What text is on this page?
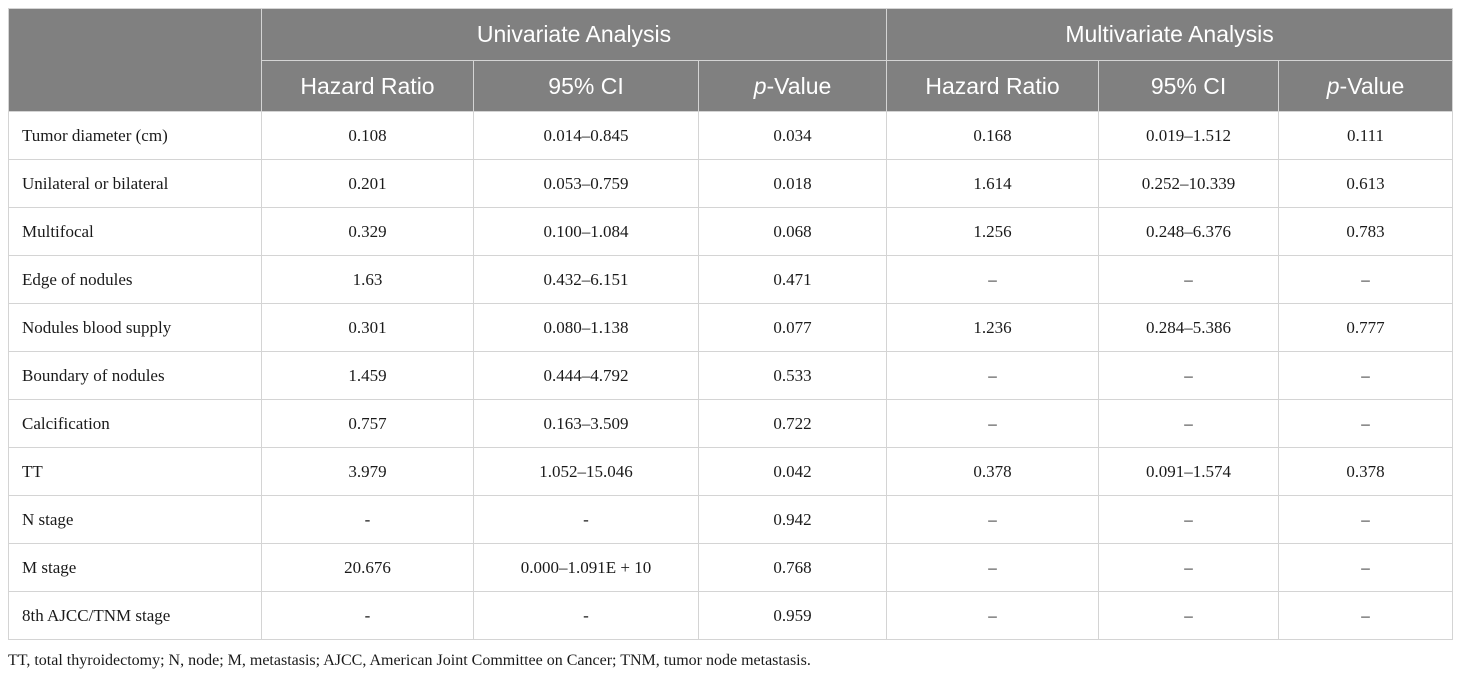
	Univariate Analysis			Multivariate Analysis		
	Hazard Ratio	95% CI	p-Value	Hazard Ratio	95% CI	p-Value
Tumor diameter (cm)	0.108	0.014–0.845	0.034	0.168	0.019–1.512	0.111
Unilateral or bilateral	0.201	0.053–0.759	0.018	1.614	0.252–10.339	0.613
Multifocal	0.329	0.100–1.084	0.068	1.256	0.248–6.376	0.783
Edge of nodules	1.63	0.432–6.151	0.471	–	–	–
Nodules blood supply	0.301	0.080–1.138	0.077	1.236	0.284–5.386	0.777
Boundary of nodules	1.459	0.444–4.792	0.533	–	–	–
Calcification	0.757	0.163–3.509	0.722	–	–	–
TT	3.979	1.052–15.046	0.042	0.378	0.091–1.574	0.378
N stage	-	-	0.942	–	–	–
M stage	20.676	0.000–1.091E + 10	0.768	–	–	–
8th AJCC/TNM stage	-	-	0.959	–	–	–
TT, total thyroidectomy; N, node; M, metastasis; AJCC, American Joint Committee on Cancer; TNM, tumor node metastasis.
